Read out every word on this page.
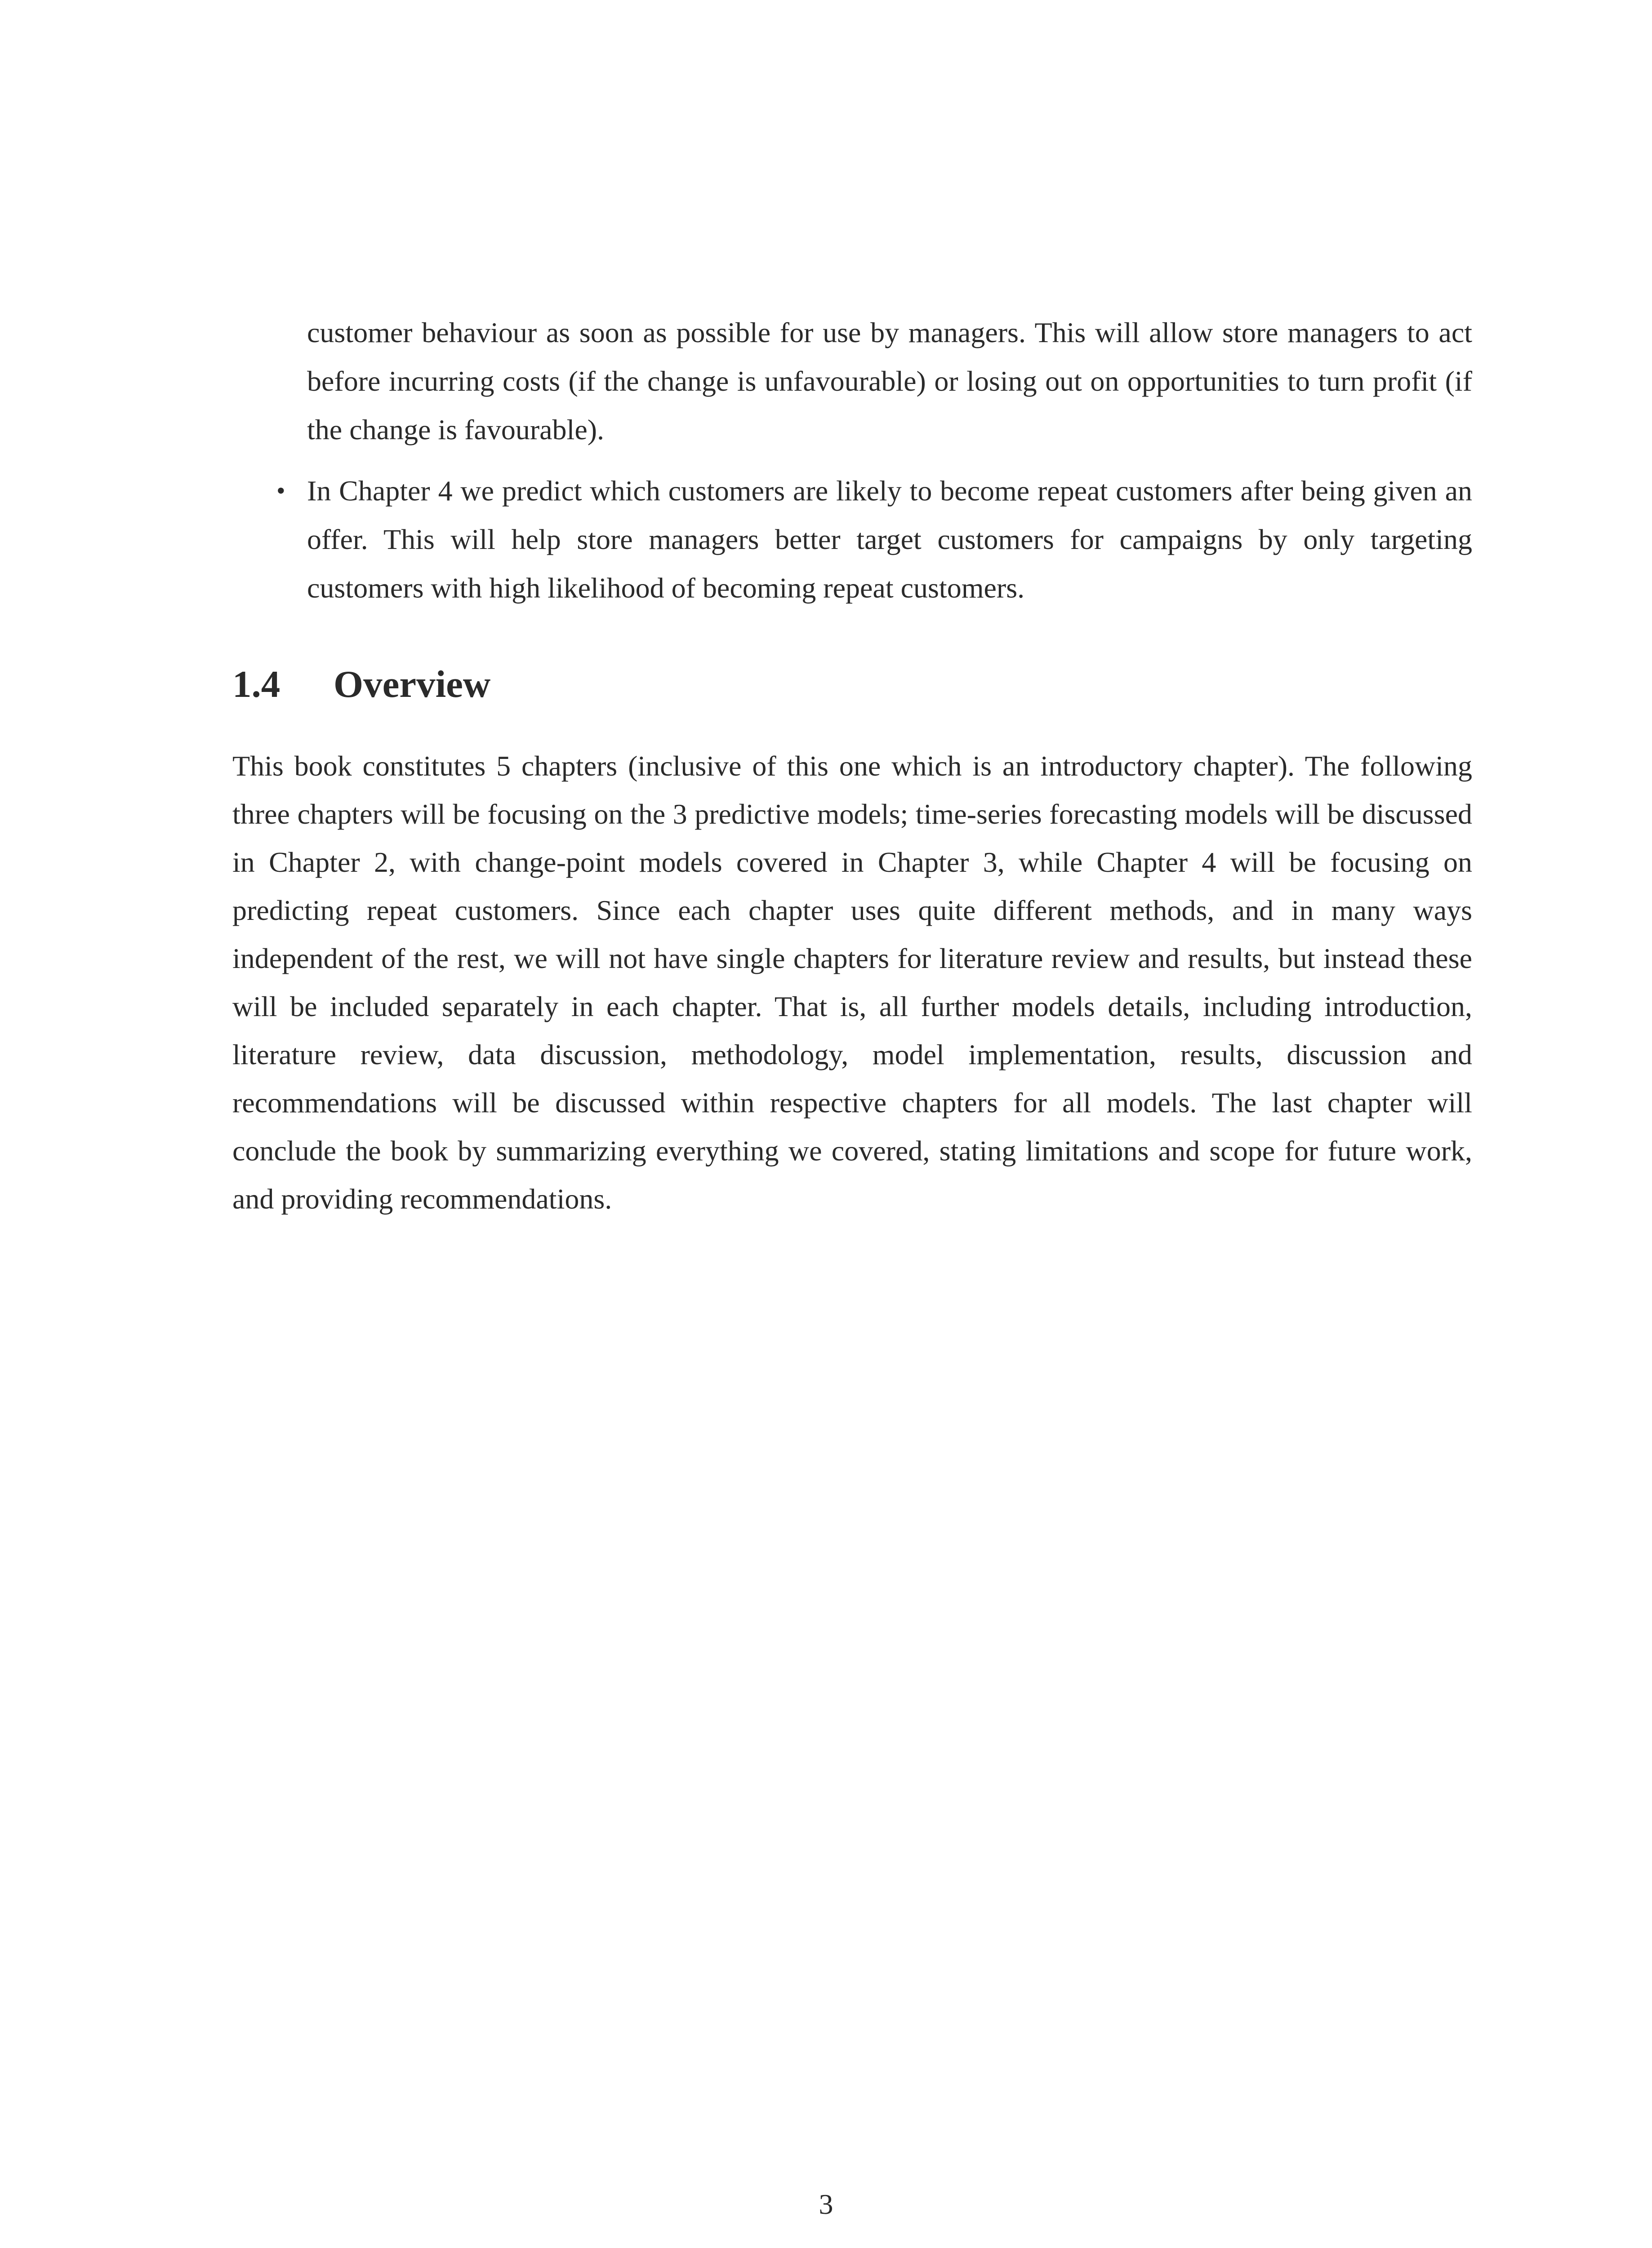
customer behaviour as soon as possible for use by managers. This will allow store managers to act before incurring costs (if the change is unfavourable) or losing out on opportunities to turn profit (if the change is favourable).
• In Chapter 4 we predict which customers are likely to become repeat customers after being given an offer. This will help store managers better target customers for campaigns by only targeting customers with high likelihood of becoming repeat customers.
1.4 Overview
This book constitutes 5 chapters (inclusive of this one which is an introductory chapter). The following three chapters will be focusing on the 3 predictive models; time-series forecasting models will be discussed in Chapter 2, with change-point models covered in Chapter 3, while Chapter 4 will be focusing on predicting repeat customers. Since each chapter uses quite different methods, and in many ways independent of the rest, we will not have single chapters for literature review and results, but instead these will be included separately in each chapter. That is, all further models details, including introduction, literature review, data discussion, methodology, model implementation, results, discussion and recommendations will be discussed within respective chapters for all models. The last chapter will conclude the book by summarizing everything we covered, stating limitations and scope for future work, and providing recommendations.
3
